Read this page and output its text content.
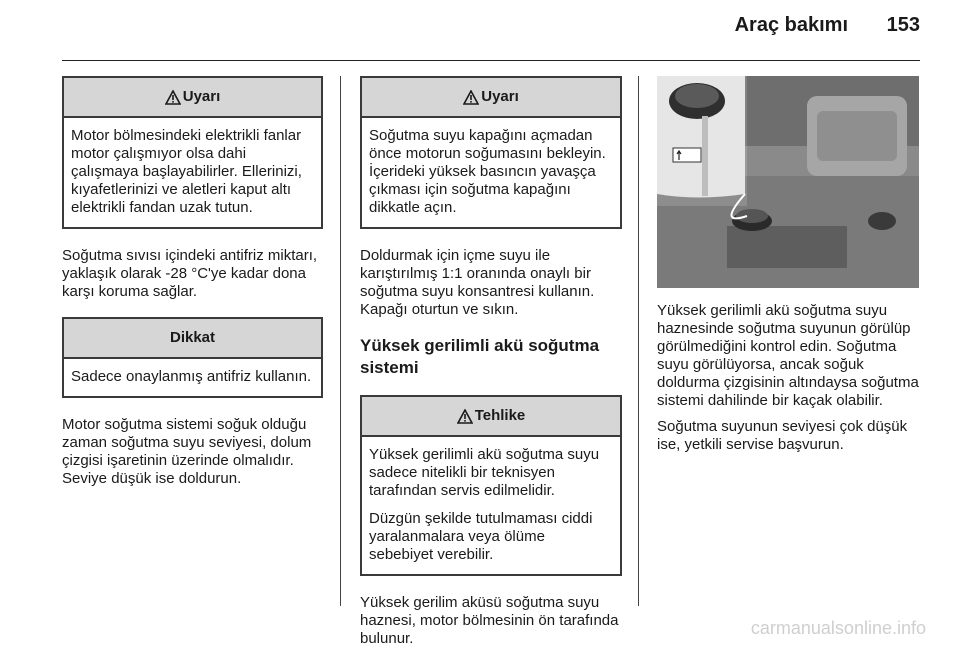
Araç bakımı 153
Uyarı

Motor bölmesindeki elektrikli fanlar motor çalışmıyor olsa dahi çalışmaya başlayabilirler. Ellerinizi, kıyafetlerinizi ve aletleri kaput altı elektrikli fandan uzak tutun.

Soğutma sıvısı içindeki antifriz miktarı, yaklaşık olarak -28 °C'ye kadar dona karşı koruma sağlar.

Dikkat

Sadece onaylanmış antifriz kullanın.

Motor soğutma sistemi soğuk olduğu zaman soğutma suyu seviyesi, dolum çizgisi işaretinin üzerinde olmalıdır. Seviye düşük ise doldurun.

Uyarı

Soğutma suyu kapağını açmadan önce motorun soğumasını bekleyin. İçerideki yüksek basıncın yavaşça çıkması için soğutma kapağını dikkatle açın.

Doldurmak için içme suyu ile karıştırılmış 1:1 oranında onaylı bir soğutma suyu konsantresi kullanın. Kapağı oturtun ve sıkın.

Yüksek gerilimli akü soğutma sistemi
Tehlike

Yüksek gerilimli akü soğutma suyu sadece nitelikli bir teknisyen tarafından servis edilmelidir.

Düzgün şekilde tutulmaması ciddi yaralanmalara veya ölüme sebebiyet verebilir.

Yüksek gerilim aküsü soğutma suyu haznesi, motor bölmesinin ön tarafında bulunur.

Yüksek gerilimli akü soğutma suyu haznesinde soğutma suyunun görülüp görülmediğini kontrol edin. Soğutma suyu görülüyorsa, ancak soğuk doldurma çizgisinin altındaysa soğutma sistemi dahilinde bir kaçak olabilir.

Soğutma suyunun seviyesi çok düşük ise, yetkili servise başvurun.

carmanualsonline.info
